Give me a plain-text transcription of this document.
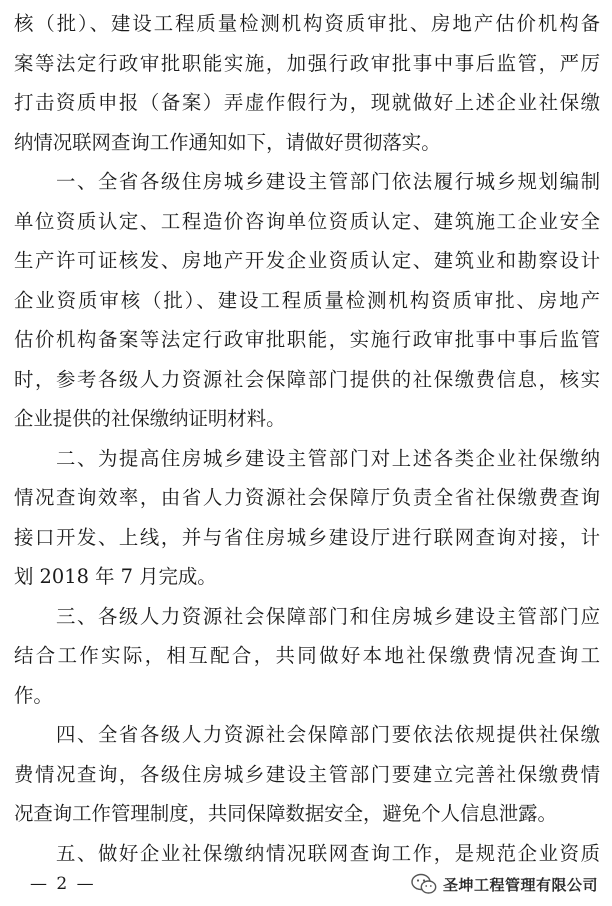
核（批）、建设工程质量检测机构资质审批、房地产估价机构备
案等法定行政审批职能实施，加强行政审批事中事后监管，严厉
打击资质申报（备案）弄虚作假行为，现就做好上述企业社保缴
纳情况联网查询工作通知如下，请做好贯彻落实。
　　一、全省各级住房城乡建设主管部门依法履行城乡规划编制
单位资质认定、工程造价咨询单位资质认定、建筑施工企业安全
生产许可证核发、房地产开发企业资质认定、建筑业和勘察设计
企业资质审核（批）、建设工程质量检测机构资质审批、房地产
估价机构备案等法定行政审批职能，实施行政审批事中事后监管
时，参考各级人力资源社会保障部门提供的社保缴费信息，核实
企业提供的社保缴纳证明材料。
　　二、为提高住房城乡建设主管部门对上述各类企业社保缴纳
情况查询效率，由省人力资源社会保障厅负责全省社保缴费查询
接口开发、上线，并与省住房城乡建设厅进行联网查询对接，计
划 2018 年 7 月完成。
　　三、各级人力资源社会保障部门和住房城乡建设主管部门应
结合工作实际，相互配合，共同做好本地社保缴费情况查询工
作。
　　四、全省各级人力资源社会保障部门要依法依规提供社保缴
费情况查询，各级住房城乡建设主管部门要建立完善社保缴费情
况查询工作管理制度，共同保障数据安全，避免个人信息泄露。
　　五、做好企业社保缴纳情况联网查询工作，是规范企业资质
— 2 —	圣坤工程管理有限公司
